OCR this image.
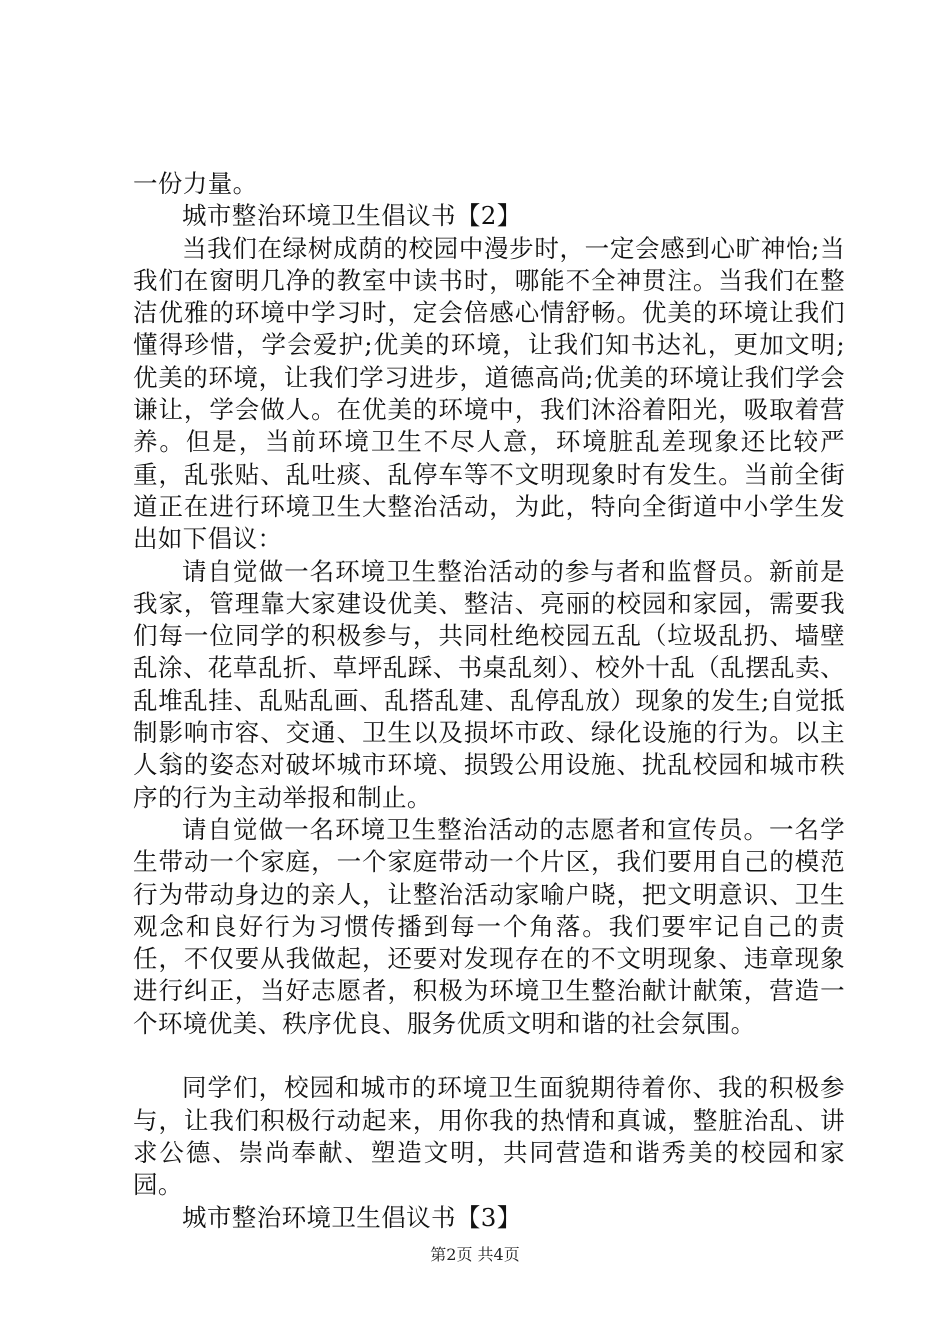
一份力量。

城市整治环境卫生倡议书【2】

当我们在绿树成荫的校园中漫步时，一定会感到心旷神怡;当我们在窗明几净的教室中读书时，哪能不全神贯注。当我们在整洁优雅的环境中学习时，定会倍感心情舒畅。优美的环境让我们懂得珍惜，学会爱护;优美的环境，让我们知书达礼，更加文明;优美的环境，让我们学习进步，道德高尚;优美的环境让我们学会谦让，学会做人。在优美的环境中，我们沐浴着阳光，吸取着营养。但是，当前环境卫生不尽人意，环境脏乱差现象还比较严重，乱张贴、乱吐痰、乱停车等不文明现象时有发生。当前全街道正在进行环境卫生大整治活动，为此，特向全街道中小学生发出如下倡议：

请自觉做一名环境卫生整治活动的参与者和监督员。新前是我家，管理靠大家建设优美、整洁、亮丽的校园和家园，需要我们每一位同学的积极参与，共同杜绝校园五乱（垃圾乱扔、墙壁乱涂、花草乱折、草坪乱踩、书桌乱刻）、校外十乱（乱摆乱卖、乱堆乱挂、乱贴乱画、乱搭乱建、乱停乱放）现象的发生;自觉抵制影响市容、交通、卫生以及损坏市政、绿化设施的行为。以主人翁的姿态对破坏城市环境、损毁公用设施、扰乱校园和城市秩序的行为主动举报和制止。

请自觉做一名环境卫生整治活动的志愿者和宣传员。一名学生带动一个家庭，一个家庭带动一个片区，我们要用自己的模范行为带动身边的亲人，让整治活动家喻户晓，把文明意识、卫生观念和良好行为习惯传播到每一个角落。我们要牢记自己的责任，不仅要从我做起，还要对发现存在的不文明现象、违章现象进行纠正，当好志愿者，积极为环境卫生整治献计献策，营造一个环境优美、秩序优良、服务优质文明和谐的社会氛围。

同学们，校园和城市的环境卫生面貌期待着你、我的积极参与，让我们积极行动起来，用你我的热情和真诚，整脏治乱、讲求公德、崇尚奉献、塑造文明，共同营造和谐秀美的校园和家园。

城市整治环境卫生倡议书【3】

第2页 共4页
